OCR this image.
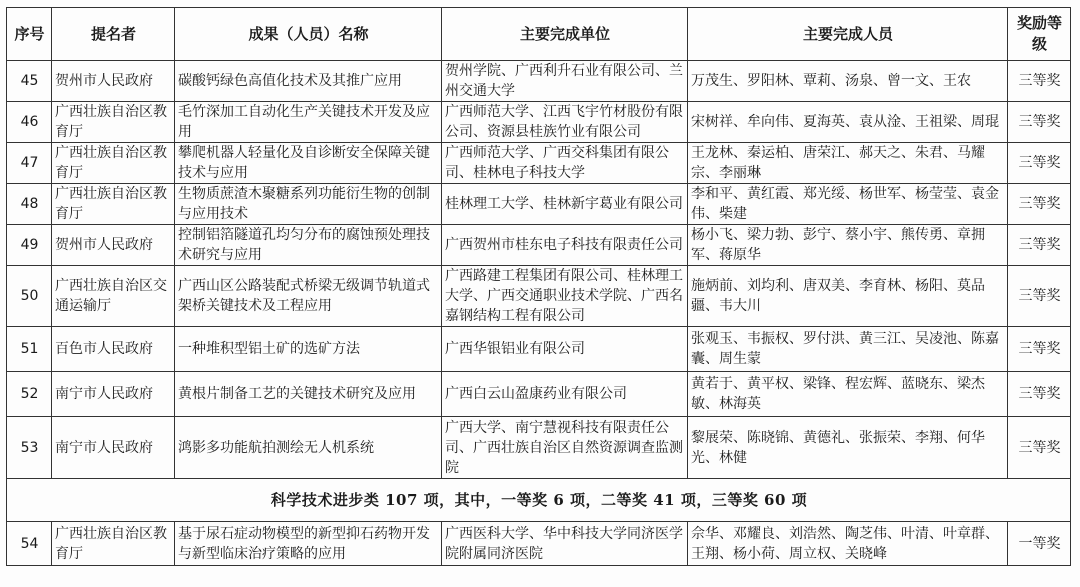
序号	提名者	成果（人员）名称	主要完成单位	主要完成人员	奖励等级
45	贺州市人民政府	碳酸钙绿色高值化技术及其推广应用	贺州学院、广西利升石业有限公司、兰州交通大学	万茂生、罗阳林、覃莉、汤泉、曾一文、王农	三等奖
46	广西壮族自治区教育厅	毛竹深加工自动化生产关键技术开发及应用	广西师范大学、江西飞宇竹材股份有限公司、资源县桂族竹业有限公司	宋树祥、牟向伟、夏海英、袁从淦、王祖梁、周琨	三等奖
47	广西壮族自治区教育厅	攀爬机器人轻量化及自诊断安全保障关键技术与应用	广西师范大学、广西交科集团有限公司、桂林电子科技大学	王龙林、秦运柏、唐荣江、郝天之、朱君、马耀宗、李丽琳	三等奖
48	广西壮族自治区教育厅	生物质蔗渣木聚糖系列功能衍生物的创制与应用技术	桂林理工大学、桂林新宇葛业有限公司	李和平、黄红霞、郑光绥、杨世军、杨莹莹、袁金伟、柴建	三等奖
49	贺州市人民政府	控制铝箔隧道孔均匀分布的腐蚀预处理技术研究与应用	广西贺州市桂东电子科技有限责任公司	杨小飞、梁力勃、彭宁、蔡小宇、熊传勇、章拥军、蒋原华	三等奖
50	广西壮族自治区交通运输厅	广西山区公路装配式桥梁无级调节轨道式架桥关键技术及工程应用	广西路建工程集团有限公司、桂林理工大学、广西交通职业技术学院、广西名嘉钢结构工程有限公司	施炳前、刘均利、唐双美、李育林、杨阳、莫品疆、韦大川	三等奖
51	百色市人民政府	一种堆积型铝土矿的选矿方法	广西华银铝业有限公司	张观玉、韦振权、罗付洪、黄三江、吴凌池、陈嘉囊、周生蒙	三等奖
52	南宁市人民政府	黄根片制备工艺的关键技术研究及应用	广西白云山盈康药业有限公司	黄若于、黄平权、梁锋、程宏辉、蓝晓东、梁杰敏、林海英	三等奖
53	南宁市人民政府	鸿影多功能航拍测绘无人机系统	广西大学、南宁慧视科技有限责任公司、广西壮族自治区自然资源调查监测院	黎展荣、陈晓锦、黄德礼、张振荣、李翔、何华光、林健	三等奖
科学技术进步类 107 项，其中，一等奖 6 项，二等奖 41 项，三等奖 60 项					
54	广西壮族自治区教育厅	基于尿石症动物模型的新型抑石药物开发与新型临床治疗策略的应用	广西医科大学、华中科技大学同济医学院附属同济医院	佘华、邓耀良、刘浩然、陶芝伟、叶清、叶章群、王翔、杨小荷、周立权、关晓峰	一等奖
